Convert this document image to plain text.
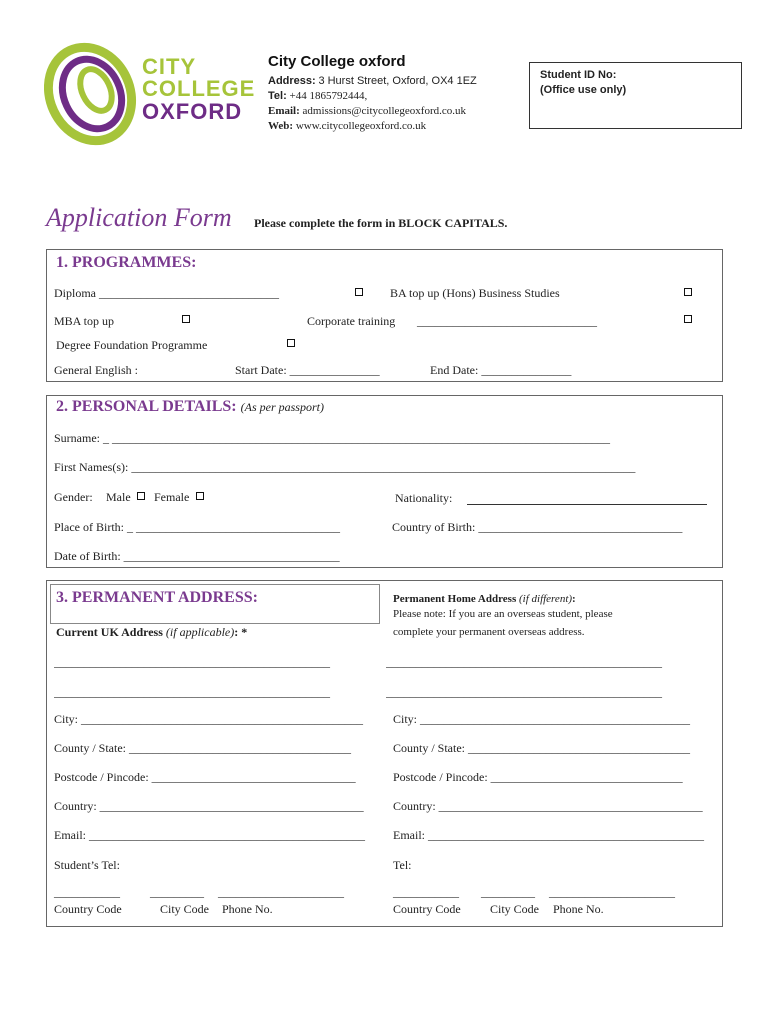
CITY
COLLEGE
OXFORD
City College oxford
Address: 3 Hurst Street, Oxford, OX4 1EZ
Tel: +44 1865792444,
Email: admissions@citycollegeoxford.co.uk
Web: www.citycollegeoxford.co.uk
Student ID No:
(Office use only)
Application Form Please complete the form in BLOCK CAPITALS.
1. PROGRAMMES:
Diploma ______________________________	BA top up (Hons) Business Studies
MBA top up	Corporate training ______________________________
Degree Foundation Programme
General English :	Start Date: _______________	End Date: _______________
2. PERSONAL DETAILS: (As per passport)
Surname: _ ___________________________________________________________________________________
First Names(s): ____________________________________________________________________________________
Gender: Male Female	Nationality:
Place of Birth: _ __________________________________	Country of Birth: __________________________________
Date of Birth: ____________________________________
3. PERMANENT ADDRESS:
Current UK Address (if applicable): *
Permanent Home Address (if different):
Please note: If you are an overseas student, please
complete your permanent overseas address.
______________________________________________	______________________________________________
______________________________________________	______________________________________________
City: _______________________________________________	City: _____________________________________________
County / State: _____________________________________	County / State: _____________________________________
Postcode / Pincode: __________________________________	Postcode / Pincode: ________________________________
Country: ____________________________________________	Country: ____________________________________________
Email: ______________________________________________	Email: ______________________________________________
Student’s Tel:	Tel:
___________	_________ _____________________	___________ _________ _____________________
Country Code	City Code Phone No.	Country Code City Code Phone No.
